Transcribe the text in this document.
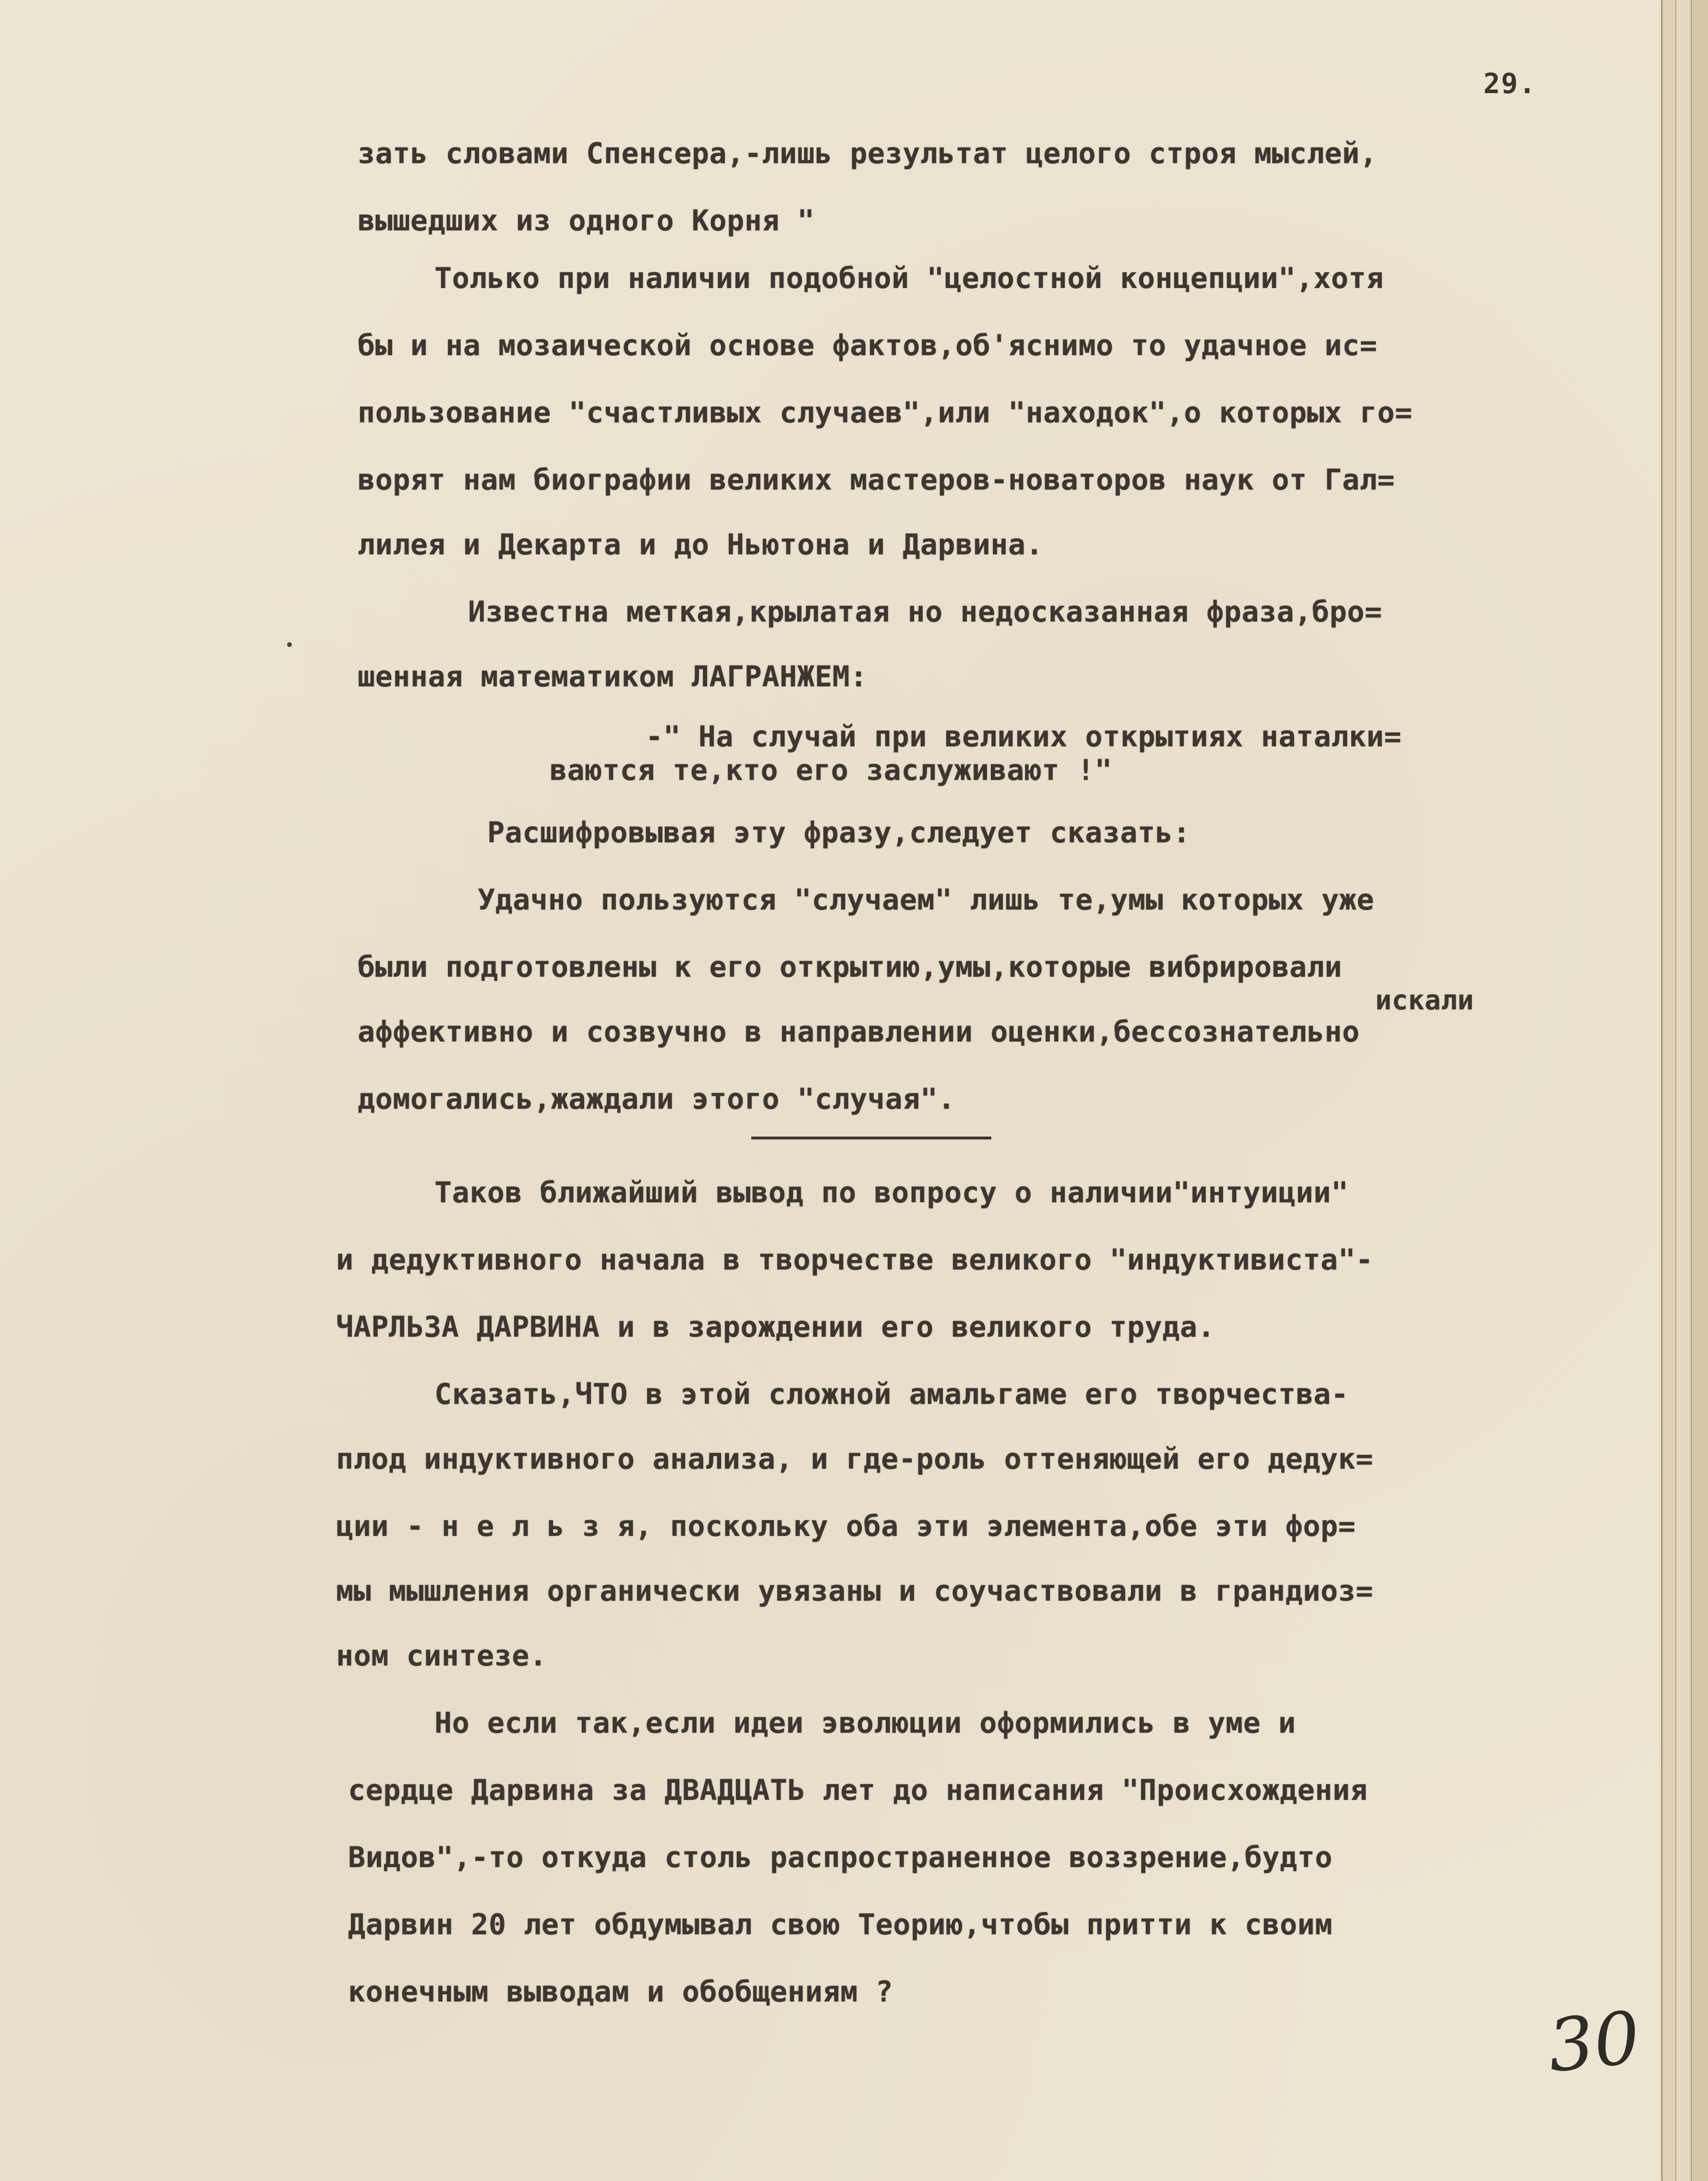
29.
зать словами Спенсера,-лишь результат целого строя мыслей,
вышедших из одного Корня "
Только при наличии подобной "целостной концепции",хотя
бы и на мозаической основе фактов,об'яснимо то удачное ис=
пользование "счастливых случаев",или "находок",о которых го=
ворят нам биографии великих мастеров-новаторов наук от Гал=
лилея и Декарта и до Ньютона и Дарвина.
Известна меткая,крылатая но недосказанная фраза,бро=
шенная математиком ЛАГРАНЖЕМ:
-" На случай при великих открытиях наталки=
ваются те,кто его заслуживают !"
Расшифровывая эту фразу,следует сказать:
Удачно пользуются "случаем" лишь те,умы которых уже
были подготовлены к его открытию,умы,которые вибрировали
искали
аффективно и созвучно в направлении оценки,бессознательно
домогались,жаждали этого "случая".
Таков ближайший вывод по вопросу о наличии"интуиции"
и дедуктивного начала в творчестве великого "индуктивиста"-
ЧАРЛЬЗА ДАРВИНА и в зарождении его великого труда.
Сказать,ЧТО в этой сложной амальгаме его творчества-
плод индуктивного анализа, и где-роль оттеняющей его дедук=
ции - н е л ь з я, поскольку оба эти элемента,обе эти фор=
мы мышления органически увязаны и соучаствовали в грандиоз=
ном синтезе.
Но если так,если идеи эволюции оформились в уме и
сердце Дарвина за ДВАДЦАТЬ лет до написания "Происхождения
Видов",-то откуда столь распространенное воззрение,будто
Дарвин 20 лет обдумывал свою Теорию,чтобы притти к своим
конечным выводам и обобщениям ?
30
